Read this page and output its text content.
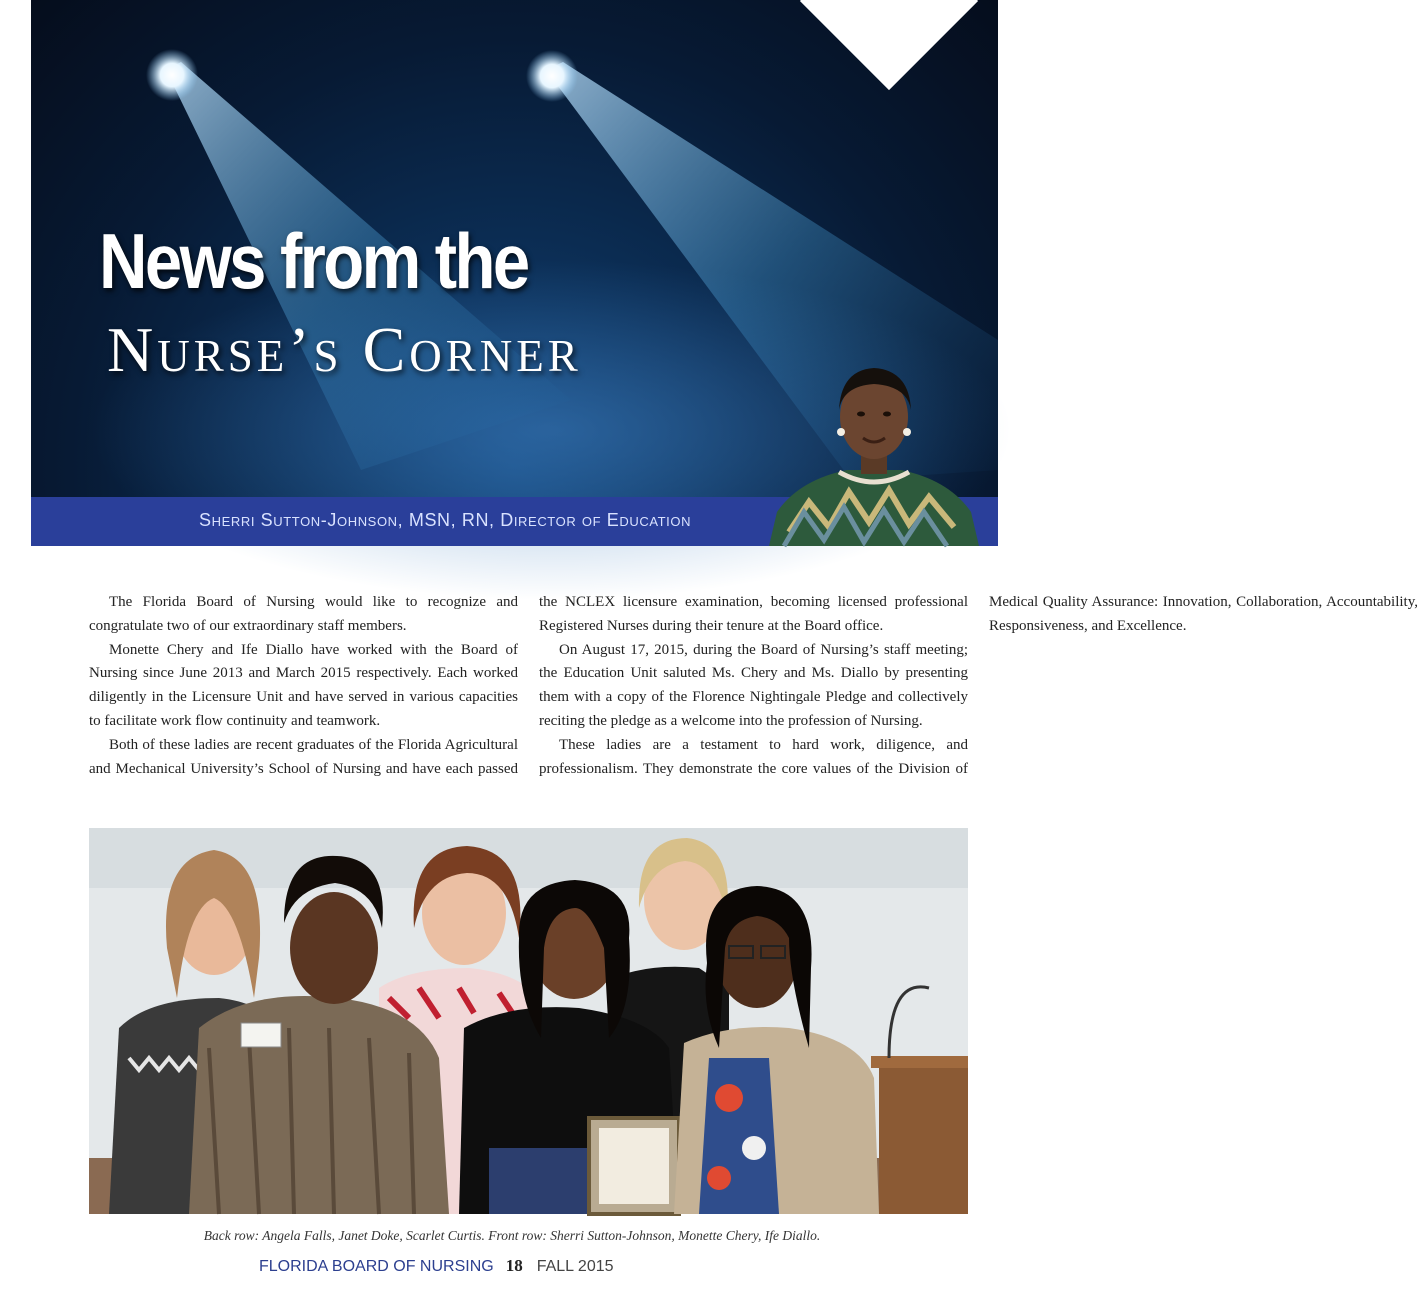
News from the
Nurse’s Corner

Sherri Sutton-Johnson, MSN, RN, Director of Education

The Florida Board of Nursing would like to recognize and congratulate two of our extraordinary staff members.

Monette Chery and Ife Diallo have worked with the Board of Nursing since June 2013 and March 2015 respectively. Each worked diligently in the Licensure Unit and have served in various capacities to facilitate work flow continuity and teamwork.

Both of these ladies are recent graduates of the Florida Agricultural and Mechanical University’s School of Nursing and have each passed the NCLEX licensure examination, becoming licensed professional Registered Nurses during their tenure at the Board office.

On August 17, 2015, during the Board of Nursing’s staff meeting; the Education Unit saluted Ms. Chery and Ms. Diallo by presenting them with a copy of the Florence Nightingale Pledge and collectively reciting the pledge as a welcome into the profession of Nursing.

These ladies are a testament to hard work, diligence, and professionalism. They demonstrate the core values of the Division of Medical Quality Assurance: Innovation, Collaboration, Accountability, Responsiveness, and Excellence.

Back row: Angela Falls, Janet Doke, Scarlet Curtis. Front row: Sherri Sutton-Johnson, Monette Chery, Ife Diallo.

FLORIDA BOARD OF NURSING 18 FALL 2015
